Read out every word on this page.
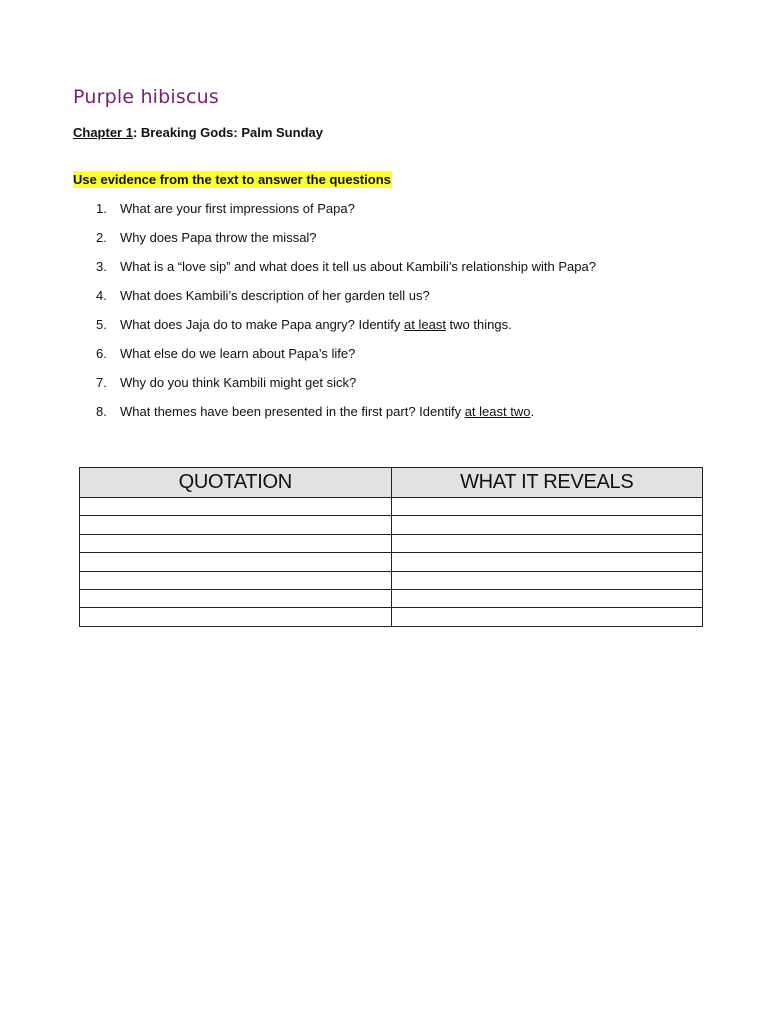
Purple hibiscus
Chapter 1: Breaking Gods: Palm Sunday
Use evidence from the text to answer the questions
1.	What are your first impressions of Papa?
2.	Why does Papa throw the missal?
3.	What is a “love sip” and what does it tell us about Kambili’s relationship with Papa?
4.	What does Kambili’s description of her garden tell us?
5.	What does Jaja do to make Papa angry? Identify at least two things.
6.	What else do we learn about Papa’s life?
7.	Why do you think Kambili might get sick?
8.	What themes have been presented in the first part? Identify at least two.
QUOTATION	WHAT IT REVEALS
